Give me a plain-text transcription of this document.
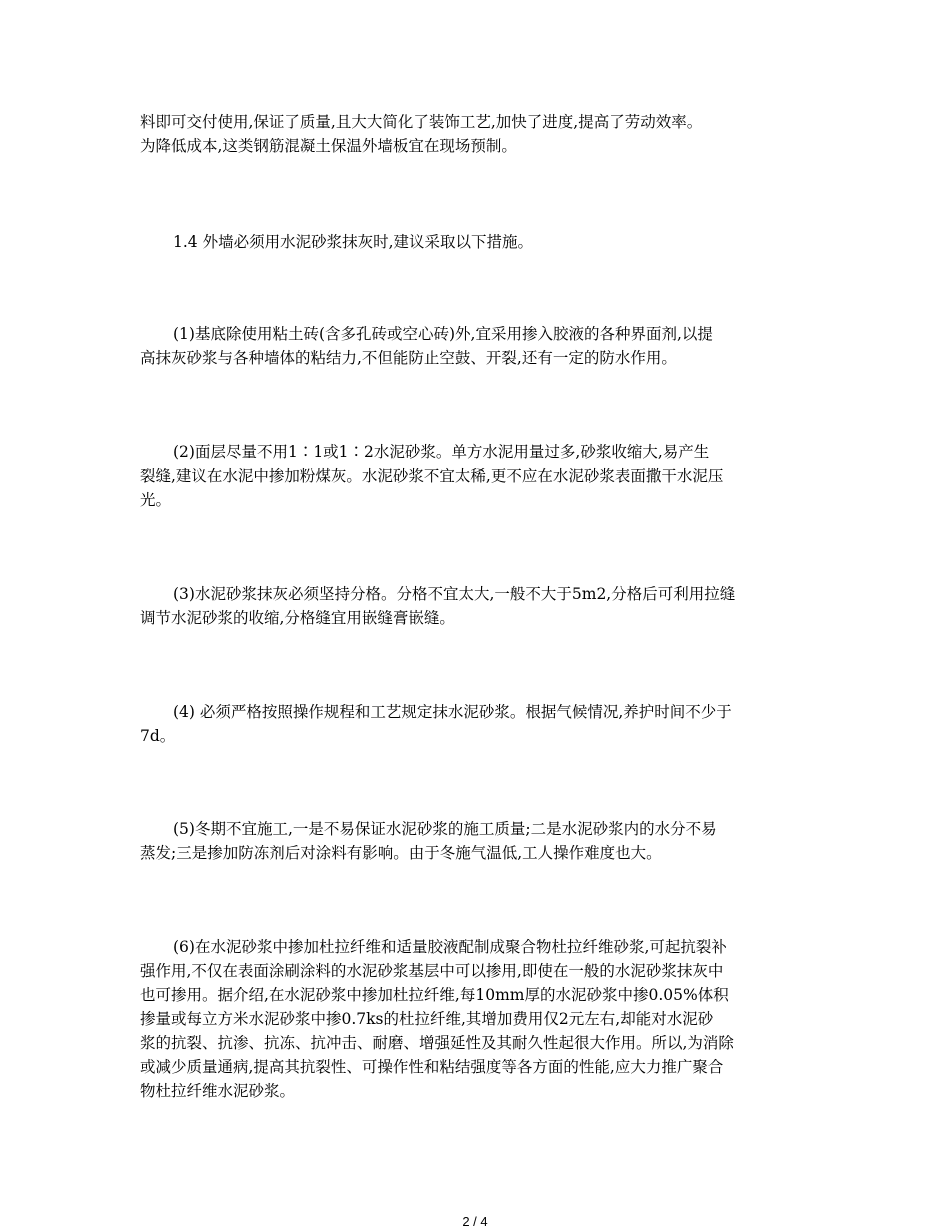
料即可交付使用,保证了质量,且大大简化了装饰工艺,加快了进度,提高了劳动效率。
为降低成本,这类钢筋混凝土保温外墙板宜在现场预制。
1.4 外墙必须用水泥砂浆抹灰时,建议采取以下措施。
(1)基底除使用粘土砖(含多孔砖或空心砖)外,宜采用掺入胶液的各种界面剂,以提
高抹灰砂浆与各种墙体的粘结力,不但能防止空鼓、开裂,还有一定的防水作用。
(2)面层尽量不用1∶1或1∶2水泥砂浆。单方水泥用量过多,砂浆收缩大,易产生
裂缝,建议在水泥中掺加粉煤灰。水泥砂浆不宜太稀,更不应在水泥砂浆表面撒干水泥压
光。
(3)水泥砂浆抹灰必须坚持分格。分格不宜太大,一般不大于5m2,分格后可利用拉缝
调节水泥砂浆的收缩,分格缝宜用嵌缝膏嵌缝。
(4) 必须严格按照操作规程和工艺规定抹水泥砂浆。根据气候情况,养护时间不少于
7d。
(5)冬期不宜施工,一是不易保证水泥砂浆的施工质量;二是水泥砂浆内的水分不易
蒸发;三是掺加防冻剂后对涂料有影响。由于冬施气温低,工人操作难度也大。
(6)在水泥砂浆中掺加杜拉纤维和适量胶液配制成聚合物杜拉纤维砂浆,可起抗裂补
强作用,不仅在表面涂刷涂料的水泥砂浆基层中可以掺用,即使在一般的水泥砂浆抹灰中
也可掺用。据介绍,在水泥砂浆中掺加杜拉纤维,每10mm厚的水泥砂浆中掺0.05%体积
掺量或每立方米水泥砂浆中掺0.7ks的杜拉纤维,其增加费用仅2元左右,却能对水泥砂
浆的抗裂、抗渗、抗冻、抗冲击、耐磨、增强延性及其耐久性起很大作用。所以,为消除
或减少质量通病,提高其抗裂性、可操作性和粘结强度等各方面的性能,应大力推广聚合
物杜拉纤维水泥砂浆。
2 / 4
